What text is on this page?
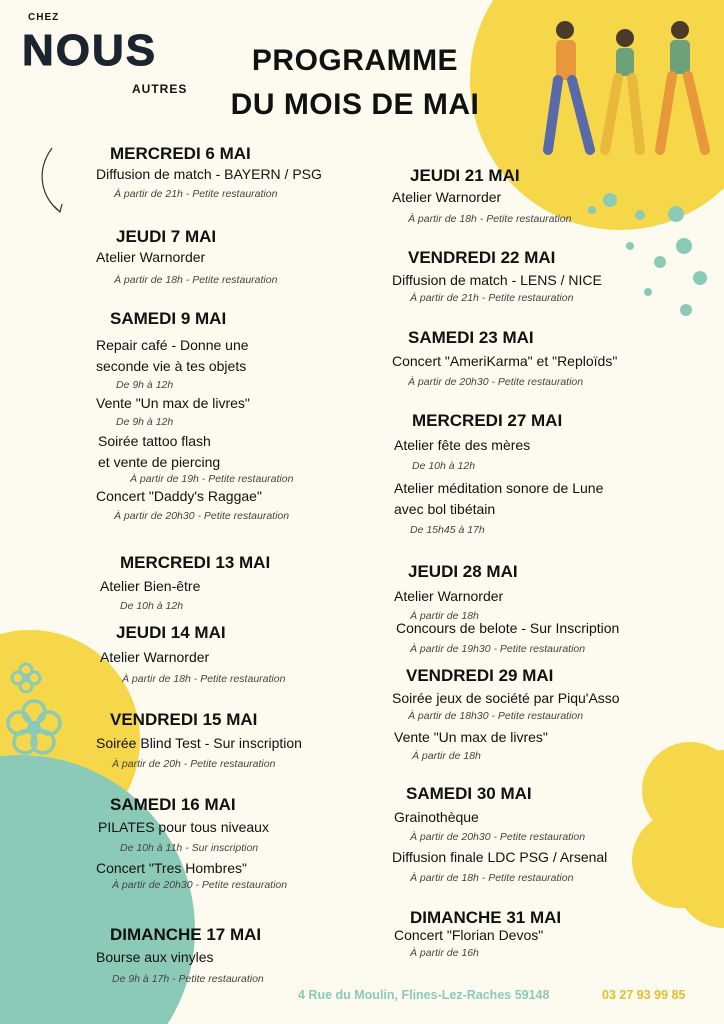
CHEZ
NOUS
AUTRES
PROGRAMME
DU MOIS DE MAI
MERCREDI 6 MAI
Diffusion de match - BAYERN / PSG
À partir de 21h - Petite restauration
JEUDI 7 MAI
Atelier Warnorder
À partir de 18h - Petite restauration
SAMEDI 9 MAI
Repair café - Donne une
seconde vie à tes objets
De 9h à 12h
Vente "Un max de livres"
De 9h à 12h
Soirée tattoo flash
et vente de piercing
À partir de 19h - Petite restauration
Concert "Daddy's Raggae"
À partir de 20h30 - Petite restauration
MERCREDI 13 MAI
Atelier Bien-être
De 10h à 12h
JEUDI 14 MAI
Atelier Warnorder
À partir de 18h - Petite restauration
VENDREDI 15 MAI
Soirée Blind Test - Sur inscription
À partir de 20h - Petite restauration
SAMEDI 16 MAI
PILATES pour tous niveaux
De 10h à 11h - Sur inscription
Concert "Tres Hombres"
À partir de 20h30 - Petite restauration
DIMANCHE 17 MAI
Bourse aux vinyles
De 9h à 17h - Petite restauration
JEUDI 21 MAI
Atelier Warnorder
À partir de 18h - Petite restauration
VENDREDI 22 MAI
Diffusion de match - LENS / NICE
À partir de 21h - Petite restauration
SAMEDI 23 MAI
Concert "AmeriKarma" et "Reploïds"
À partir de 20h30 - Petite restauration
MERCREDI 27 MAI
Atelier fête des mères
De 10h à 12h
Atelier méditation sonore de Lune
avec bol tibétain
De 15h45 à 17h
JEUDI 28 MAI
Atelier Warnorder
À partir de 18h
Concours de belote - Sur Inscription
À partir de 19h30 - Petite restauration
VENDREDI 29 MAI
Soirée jeux de société par Piqu'Asso
À partir de 18h30 - Petite restauration
Vente "Un max de livres"
À partir de 18h
SAMEDI 30 MAI
Grainothèque
À partir de 20h30 - Petite restauration
Diffusion finale LDC PSG / Arsenal
À partir de 18h - Petite restauration
DIMANCHE 31 MAI
Concert "Florian Devos"
À partir de 16h
4 Rue du Moulin, Flines-Lez-Raches 59148	03 27 93 99 85
